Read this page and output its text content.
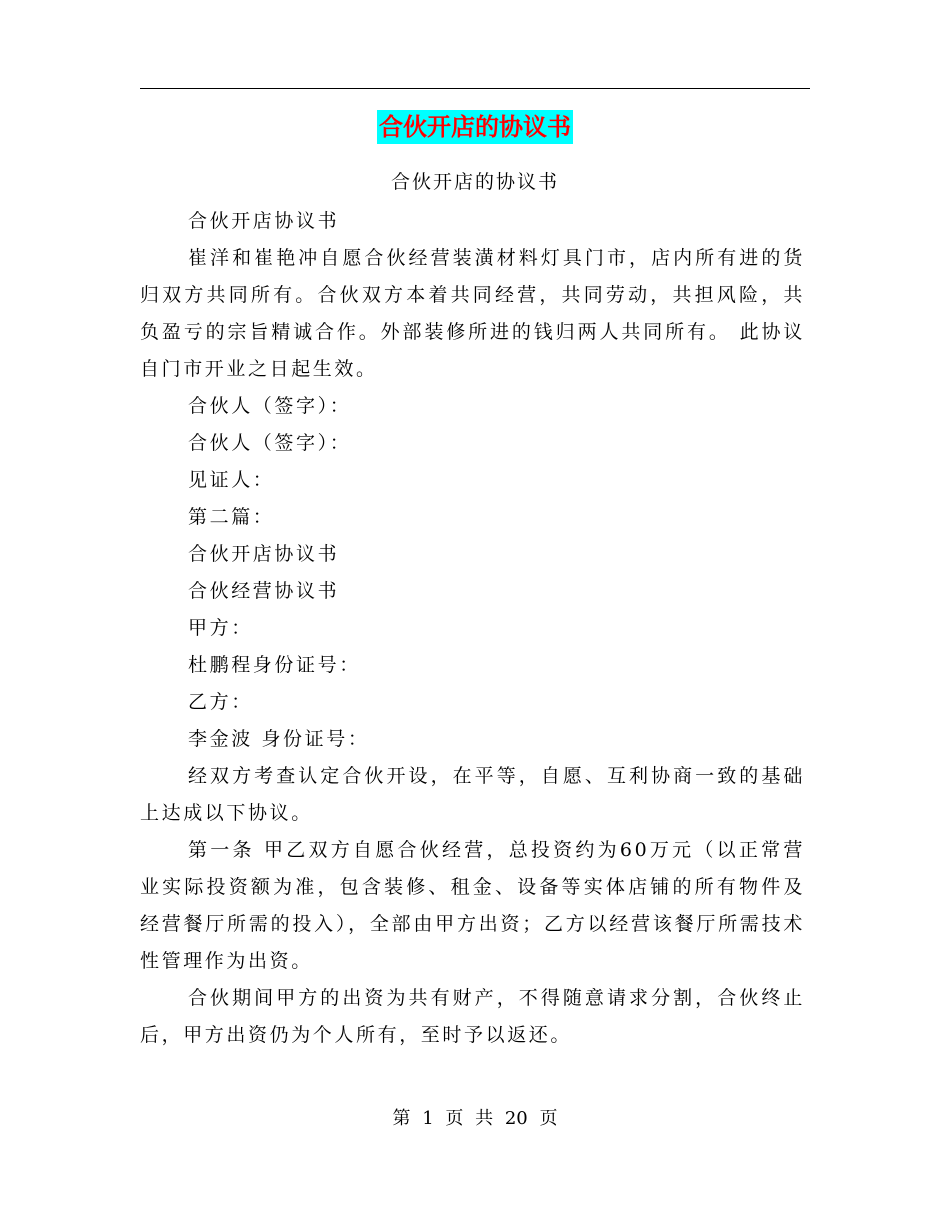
合伙开店的协议书
合伙开店的协议书

合伙开店协议书

崔洋和崔艳冲自愿合伙经营装潢材料灯具门市，店内所有进的货归双方共同所有。合伙双方本着共同经营，共同劳动，共担风险，共负盈亏的宗旨精诚合作。外部装修所进的钱归两人共同所有。 此协议自门市开业之日起生效。

合伙人（签字）：

合伙人（签字）：

见证人：

第二篇：

合伙开店协议书

合伙经营协议书

甲方：

杜鹏程身份证号：

乙方：

李金波 身份证号：

经双方考查认定合伙开设，在平等，自愿、互利协商一致的基础上达成以下协议。

第一条 甲乙双方自愿合伙经营，总投资约为60万元（以正常营业实际投资额为准，包含装修、租金、设备等实体店铺的所有物件及经营餐厅所需的投入），全部由甲方出资；乙方以经营该餐厅所需技术性管理作为出资。

合伙期间甲方的出资为共有财产，不得随意请求分割，合伙终止后，甲方出资仍为个人所有，至时予以返还。

第 1 页 共 20 页
